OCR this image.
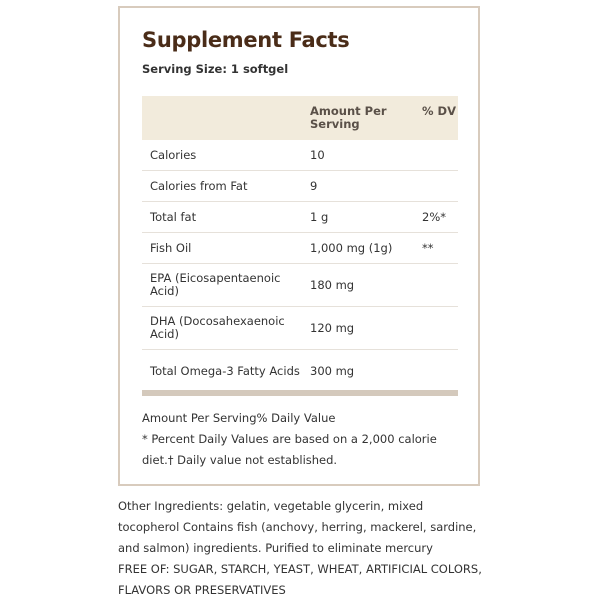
Supplement Facts
Serving Size: 1 softgel
	Amount Per Serving	% DV
Calories	10	
Calories from Fat	9	
Total fat	1 g	2%*
Fish Oil	1,000 mg (1g)	**
EPA (Eicosapentaenoic Acid)	180 mg	
DHA (Docosahexaenoic Acid)	120 mg	
Total Omega-3 Fatty Acids	300 mg	

Amount Per Serving% Daily Value

* Percent Daily Values are based on a 2,000 calorie diet.† Daily value not established.

Other Ingredients: gelatin, vegetable glycerin, mixed tocopherol Contains fish (anchovy, herring, mackerel, sardine, and salmon) ingredients. Purified to eliminate mercury

FREE OF: SUGAR, STARCH, YEAST, WHEAT, ARTIFICIAL COLORS, FLAVORS OR PRESERVATIVES
